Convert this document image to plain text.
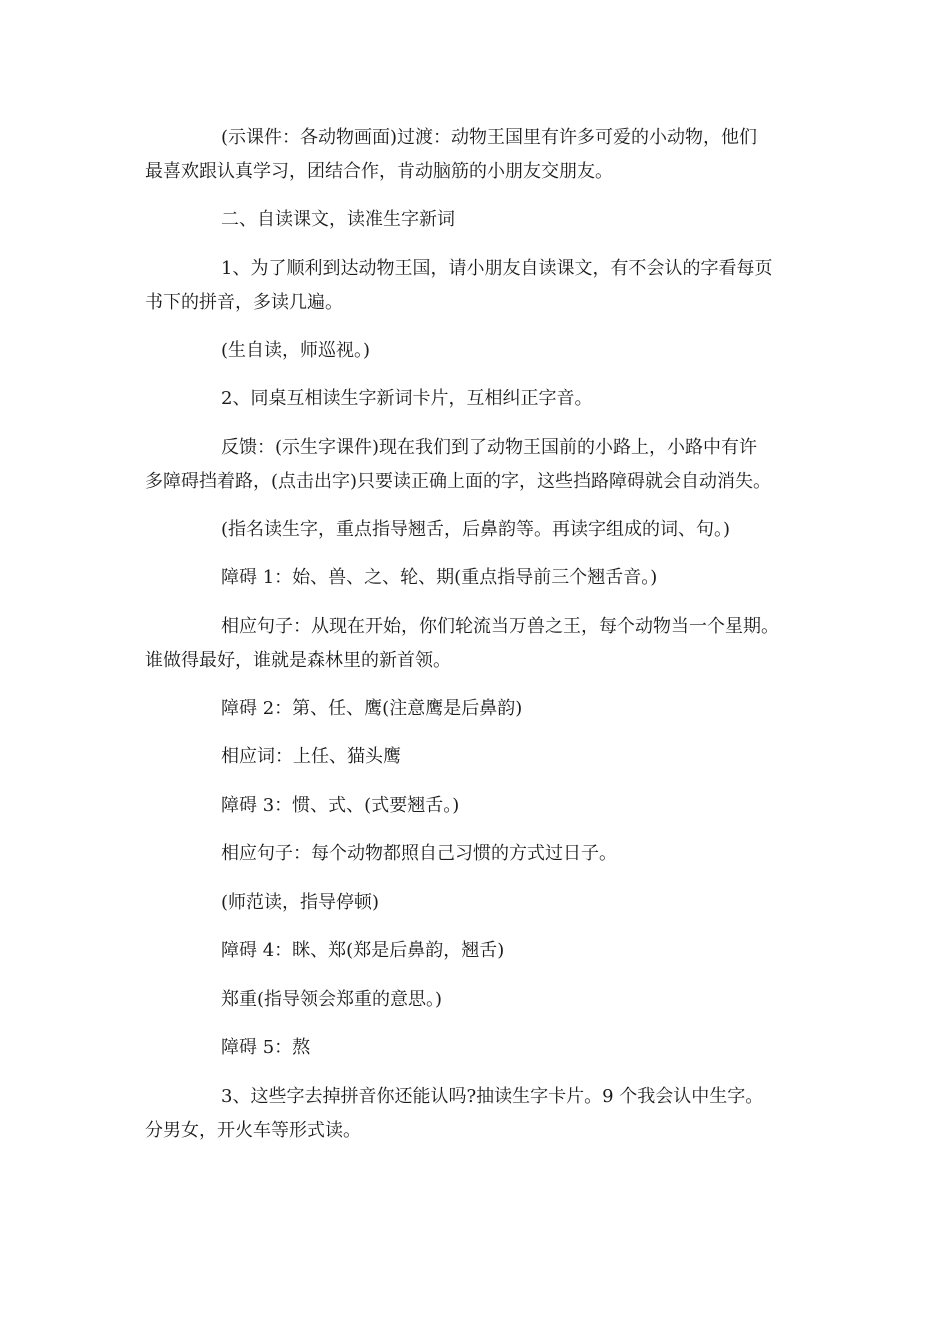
(示课件：各动物画面)过渡：动物王国里有许多可爱的小动物，他们
最喜欢跟认真学习，团结合作，肯动脑筋的小朋友交朋友。
二、自读课文，读准生字新词
1、为了顺利到达动物王国，请小朋友自读课文，有不会认的字看每页
书下的拼音，多读几遍。
(生自读，师巡视。)
2、同桌互相读生字新词卡片，互相纠正字音。
反馈：(示生字课件)现在我们到了动物王国前的小路上，小路中有许
多障碍挡着路，(点击出字)只要读正确上面的字，这些挡路障碍就会自动消失。
(指名读生字，重点指导翘舌，后鼻韵等。再读字组成的词、句。)
障碍 1：始、兽、之、轮、期(重点指导前三个翘舌音。)
相应句子：从现在开始，你们轮流当万兽之王，每个动物当一个星期。
谁做得最好，谁就是森林里的新首领。
障碍 2：第、任、鹰(注意鹰是后鼻韵)
相应词：上任、猫头鹰
障碍 3：惯、式、(式要翘舌。)
相应句子：每个动物都照自己习惯的方式过日子。
(师范读，指导停顿)
障碍 4：眯、郑(郑是后鼻韵，翘舌)
郑重(指导领会郑重的意思。)
障碍 5：熬
3、这些字去掉拼音你还能认吗?抽读生字卡片。9 个我会认中生字。
分男女，开火车等形式读。
